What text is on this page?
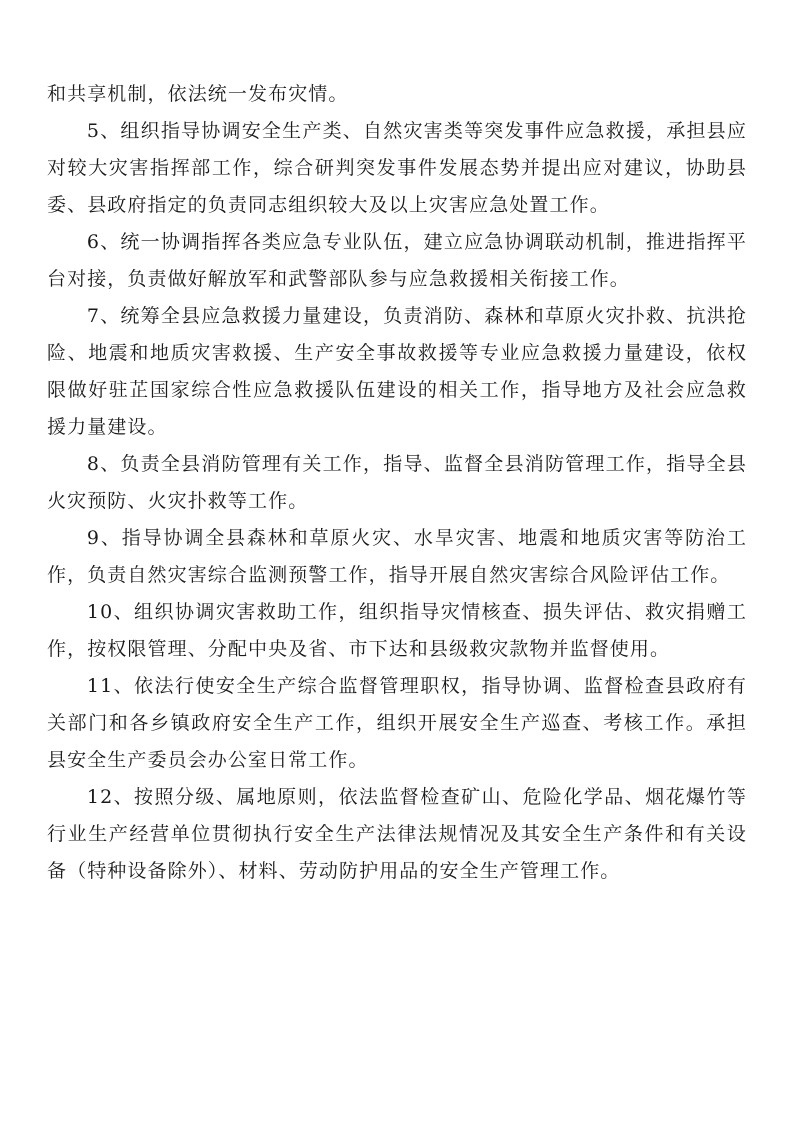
和共享机制，依法统一发布灾情。

5、组织指导协调安全生产类、自然灾害类等突发事件应急救援，承担县应对较大灾害指挥部工作，综合研判突发事件发展态势并提出应对建议，协助县委、县政府指定的负责同志组织较大及以上灾害应急处置工作。

6、统一协调指挥各类应急专业队伍，建立应急协调联动机制，推进指挥平台对接，负责做好解放军和武警部队参与应急救援相关衔接工作。

7、统筹全县应急救援力量建设，负责消防、森林和草原火灾扑救、抗洪抢险、地震和地质灾害救援、生产安全事故救援等专业应急救援力量建设，依权限做好驻芷国家综合性应急救援队伍建设的相关工作，指导地方及社会应急救援力量建设。

8、负责全县消防管理有关工作，指导、监督全县消防管理工作，指导全县火灾预防、火灾扑救等工作。

9、指导协调全县森林和草原火灾、水旱灾害、地震和地质灾害等防治工作，负责自然灾害综合监测预警工作，指导开展自然灾害综合风险评估工作。

10、组织协调灾害救助工作，组织指导灾情核查、损失评估、救灾捐赠工作，按权限管理、分配中央及省、市下达和县级救灾款物并监督使用。

11、依法行使安全生产综合监督管理职权，指导协调、监督检查县政府有关部门和各乡镇政府安全生产工作，组织开展安全生产巡查、考核工作。承担县安全生产委员会办公室日常工作。

12、按照分级、属地原则，依法监督检查矿山、危险化学品、烟花爆竹等行业生产经营单位贯彻执行安全生产法律法规情况及其安全生产条件和有关设备（特种设备除外）、材料、劳动防护用品的安全生产管理工作。
